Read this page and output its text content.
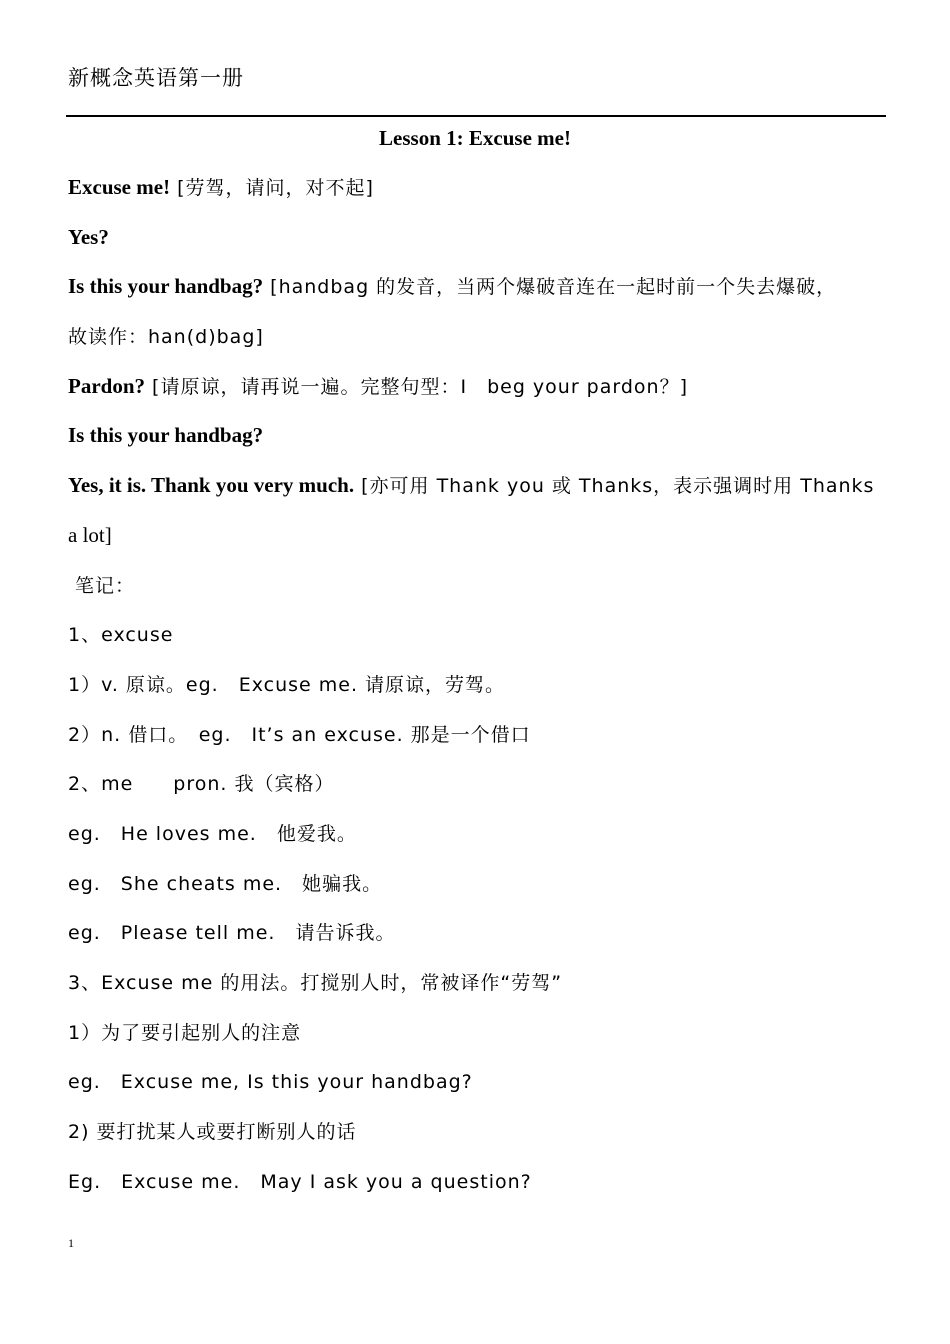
新概念英语第一册
Lesson 1: Excuse me!
Excuse me! [劳驾，请问，对不起]
Yes?
Is this your handbag? [handbag 的发音，当两个爆破音连在一起时前一个失去爆破，
故读作：han(d)bag]
Pardon? [请原谅，请再说一遍。完整句型：I　beg your pardon？]
Is this your handbag?
Yes, it is. Thank you very much. [亦可用 Thank you 或 Thanks，表示强调时用 Thanks
a lot]
笔记：
1、excuse
1）v. 原谅。eg.　Excuse me. 请原谅，劳驾。
2）n. 借口。　eg.　It’s an excuse. 那是一个借口
2、me　　pron. 我（宾格）
eg.　He loves me.　他爱我。
eg.　She cheats me.　她骗我。
eg.　Please tell me.　请告诉我。
3、Excuse me 的用法。打搅别人时，常被译作“劳驾”
1）为了要引起别人的注意
eg.　Excuse me, Is this your handbag?
2) 要打扰某人或要打断别人的话
Eg.　Excuse me.　May I ask you a question?
1
